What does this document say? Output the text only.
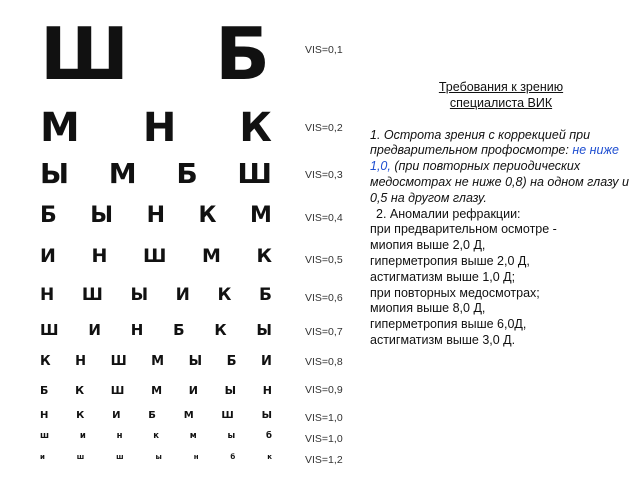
Ш Б	VIS=0,1
М Н К	VIS=0,2
Ы М Б Ш	VIS=0,3
Б Ы Н К М	VIS=0,4
И Н Ш М К	VIS=0,5
Н Ш Ы И К Б	VIS=0,6
Ш И Н Б К Ы	VIS=0,7
К Н Ш М Ы Б И	VIS=0,8
Б К Ш М И Ы Н	VIS=0,9
Н	К	И	Б	М	Ш	Ы	VIS=1,0
ш	и	н	к	м	ы	б	VIS=1,0
и	ш	ш	ы	н	б	к	VIS=1,2
Требования к зрению
специалиста ВИК
1. Острота зрения с коррекцией при предварительном профосмотре: не ниже 1,0, (при повторных периодических медосмотрах не ниже 0,8) на одном глазу и 0,5 на другом глазу.
2. Аномалии рефракции:
при предварительном осмотре -
миопия выше 2,0 Д,
гиперметропия выше 2,0 Д,
астигматизм выше 1,0 Д;
при повторных медосмотрах;
миопия выше 8,0 Д,
гиперметропия выше 6,0Д,
астигматизм выше 3,0 Д.
